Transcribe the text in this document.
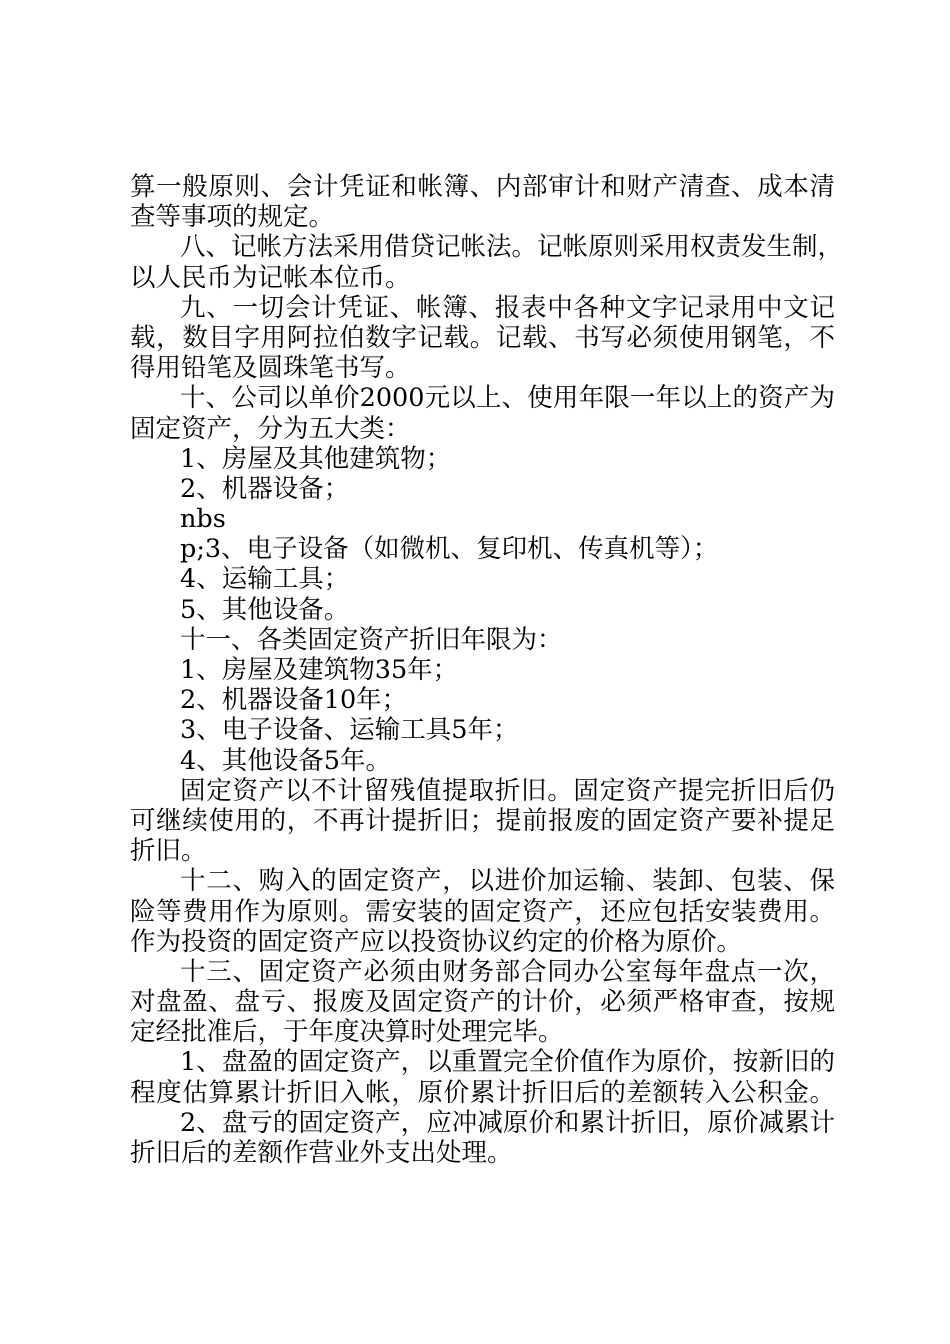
算一般原则、会计凭证和帐簿、内部审计和财产清查、成本清
查等事项的规定。
八、记帐方法采用借贷记帐法。记帐原则采用权责发生制，
以人民币为记帐本位币。
九、一切会计凭证、帐簿、报表中各种文字记录用中文记
载，数目字用阿拉伯数字记载。记载、书写必须使用钢笔，不
得用铅笔及圆珠笔书写。
十、公司以单价2000元以上、使用年限一年以上的资产为
固定资产，分为五大类：
1、房屋及其他建筑物；
2、机器设备；
nbs
p;3、电子设备（如微机、复印机、传真机等）；
4、运输工具；
5、其他设备。
十一、各类固定资产折旧年限为：
1、房屋及建筑物35年；
2、机器设备10年；
3、电子设备、运输工具5年；
4、其他设备5年。
固定资产以不计留残值提取折旧。固定资产提完折旧后仍
可继续使用的，不再计提折旧；提前报废的固定资产要补提足
折旧。
十二、购入的固定资产，以进价加运输、装卸、包装、保
险等费用作为原则。需安装的固定资产，还应包括安装费用。
作为投资的固定资产应以投资协议约定的价格为原价。
十三、固定资产必须由财务部合同办公室每年盘点一次，
对盘盈、盘亏、报废及固定资产的计价，必须严格审查，按规
定经批准后，于年度决算时处理完毕。
1、盘盈的固定资产，以重置完全价值作为原价，按新旧的
程度估算累计折旧入帐，原价累计折旧后的差额转入公积金。
2、盘亏的固定资产，应冲减原价和累计折旧，原价减累计
折旧后的差额作营业外支出处理。
